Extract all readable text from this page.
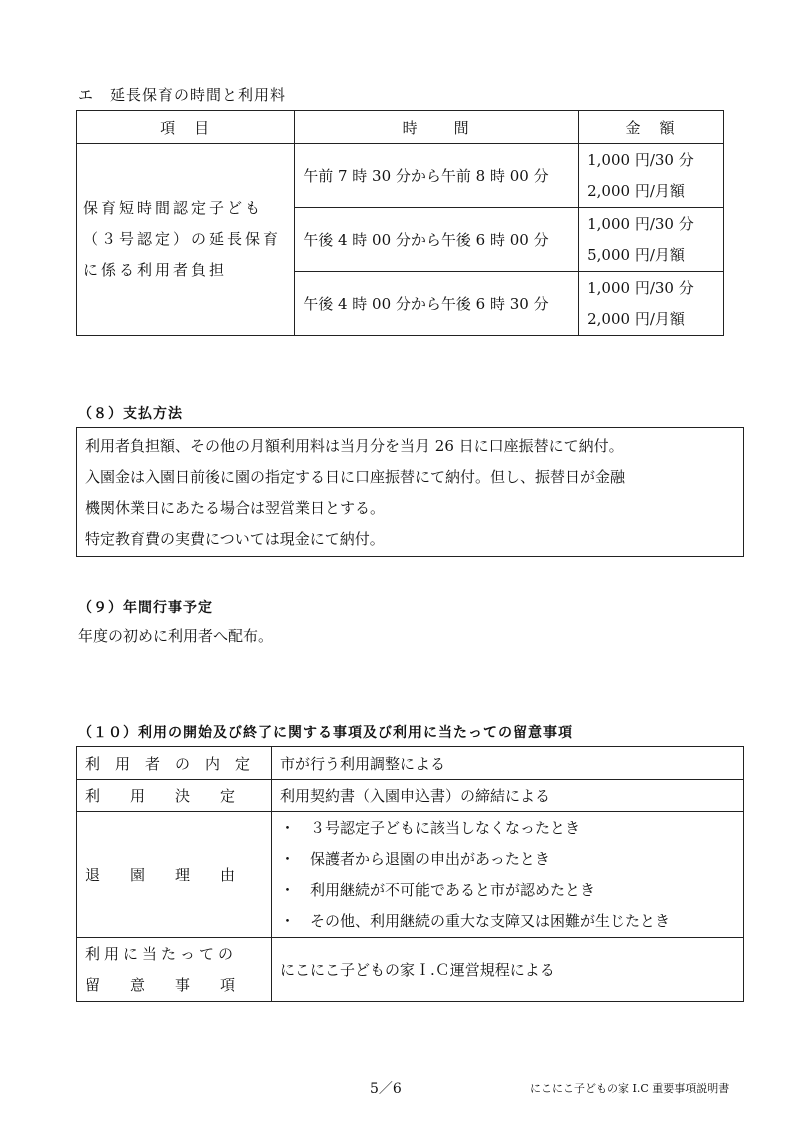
エ　延長保育の時間と利用料
項　目	時　　間	金　額
保育短時間認定子ども（３号認定）の延長保育に係る利用者負担	午前 7 時 30 分から午前 8 時 00 分	1,000 円/30 分
2,000 円/月額

	午後 4 時 00 分から午後 6 時 00 分	1,000 円/30 分
5,000 円/月額

	午後 4 時 00 分から午後 6 時 30 分	1,000 円/30 分
2,000 円/月額
（８）支払方法
利用者負担額、その他の月額利用料は当月分を当月 26 日に口座振替にて納付。
入園金は入園日前後に園の指定する日に口座振替にて納付。但し、振替日が金融
機関休業日にあたる場合は翌営業日とする。
特定教育費の実費については現金にて納付。
（９）年間行事予定
年度の初めに利用者へ配布。
（１０）利用の開始及び終了に関する事項及び利用に当たっての留意事項
利　用　者　の　内　定	市が行う利用調整による
利　　用　　決　　定	利用契約書（入園申込書）の締結による
退　　園　　理　　由	・　３号認定子どもに該当しなくなったとき
・　保護者から退園の申出があったとき
・　利用継続が不可能であると市が認めたとき
・　その他、利用継続の重大な支障又は困難が生じたとき

利用に当たっての
留　　意　　事　　項	にこにこ子どもの家Ｉ.Ｃ運営規程による
5／6	にこにこ子どもの家 I.C 重要事項説明書
